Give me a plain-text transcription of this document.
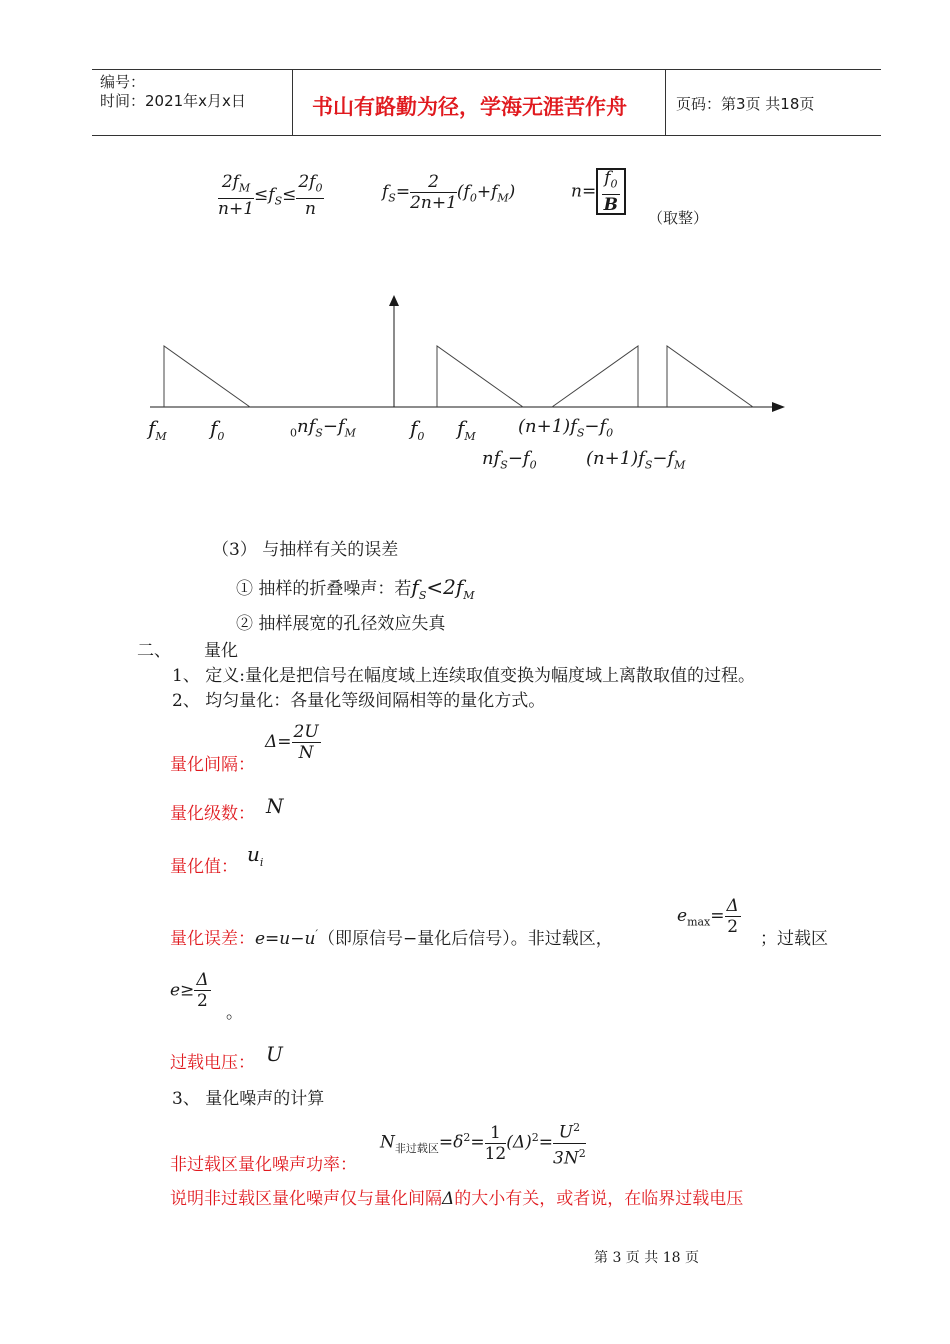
编号：
时间：2021年x月x日	书山有路勤为径，学海无涯苦作舟	页码：第3页 共18页
$\frac{2f_M}{n+1} \le f_S\le \frac{2f_0}{n}$	$f_S= \frac{2}{2n+1} (f_0+f_M)$	$n= \frac{f_0}{B}$
（取整）
$f_M$ $f_0$	$_0nf_S-f_M$	$f_0$ $f_M$ $(n+1)f_S-f_0$
$nf_S-f_0$	$(n+1)f_S-f_M$
（3） 与抽样有关的误差
① 抽样的折叠噪声：若$f_S<2f_M$
② 抽样展宽的孔径效应失真
二、 量化
1、 定义:量化是把信号在幅度域上连续取值变换为幅度域上离散取值的过程。
2、 均匀量化：各量化等级间隔相等的量化方式。
量化间隔：
$\Delta= \frac{2U}{N}$
量化级数： N
量化值：
$u_i$
量化误差：e=u−u′（即原信号−量化后信号）。非过载区，
$e_{max}= \frac{\Delta}{2}$
；过载区
$e\ge \frac{\Delta}{2}$
。
过载电压： U
3、 量化噪声的计算
非过载区量化噪声功率：
$N_{非过载区}=\delta^2= \frac{1}{12} (\Delta)^2= \frac{U^2}{3N^2}$
说明非过载区量化噪声仅与量化间隔Δ的大小有关，或者说，在临界过载电压
第 3 页 共 18 页
